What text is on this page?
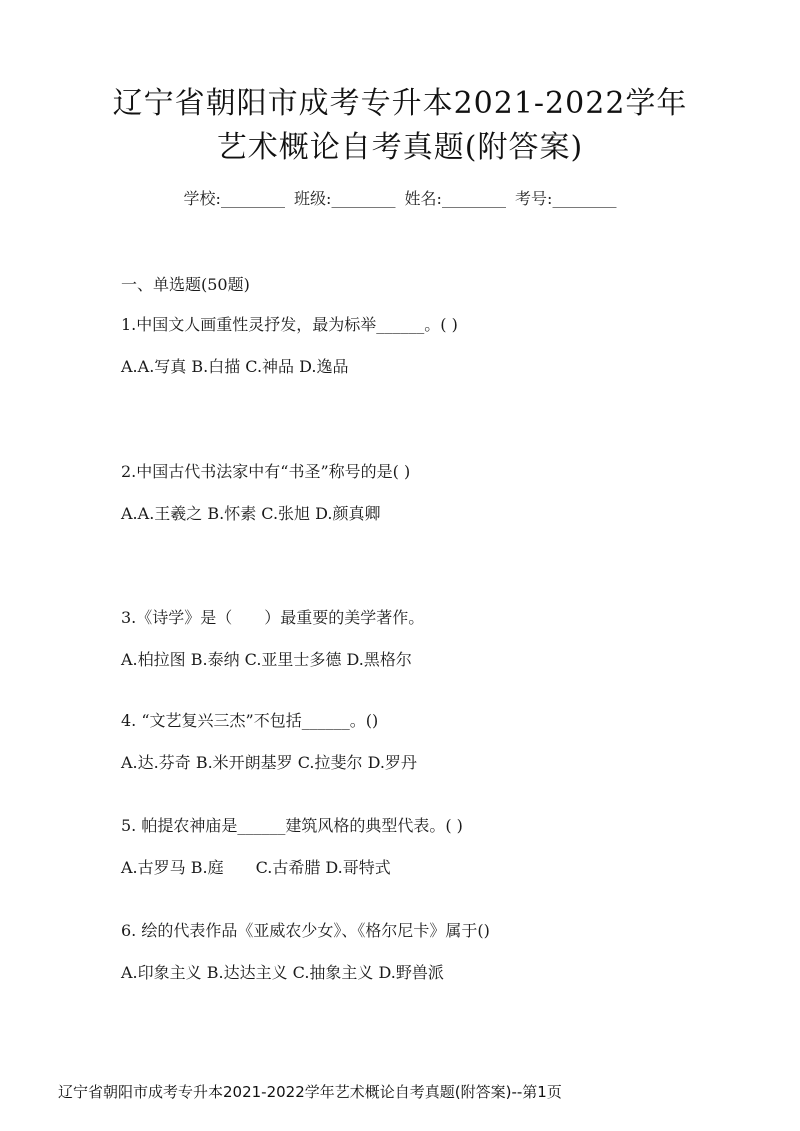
辽宁省朝阳市成考专升本2021-2022学年
艺术概论自考真题(附答案)
学校:________ 班级:________ 姓名:________ 考号:________
一、单选题(50题)
1.中国文人画重性灵抒发，最为标举______。( )
A.A.写真 B.白描 C.神品 D.逸品
2.中国古代书法家中有“书圣”称号的是( )
A.A.王羲之 B.怀素 C.张旭 D.颜真卿
3.《诗学》是（　　）最重要的美学著作。
A.柏拉图 B.泰纳 C.亚里士多德 D.黑格尔
4. “文艺复兴三杰”不包括______。()
A.达.芬奇 B.米开朗基罗 C.拉斐尔 D.罗丹
5. 帕提农神庙是______建筑风格的典型代表。( )
A.古罗马 B.庭　　C.古希腊 D.哥特式
6. 绘的代表作品《亚威农少女》、《格尔尼卡》属于()
A.印象主义 B.达达主义 C.抽象主义 D.野兽派
辽宁省朝阳市成考专升本2021-2022学年艺术概论自考真题(附答案)--第1页
